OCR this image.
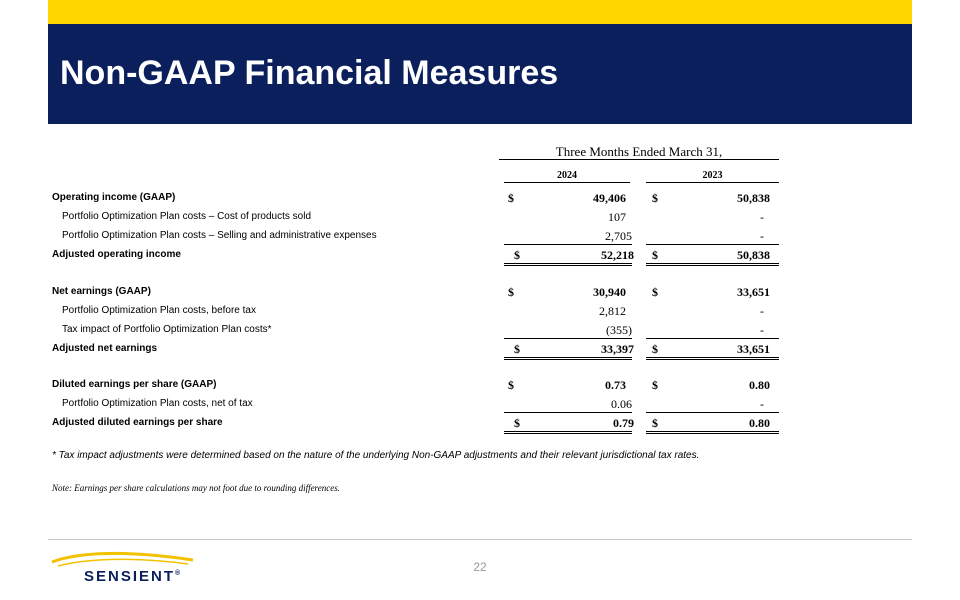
Non-GAAP Financial Measures
Three Months Ended March 31,
2024	2023
Operating income (GAAP)	$	49,406 $	50,838
Portfolio Optimization Plan costs – Cost of products sold	107	-
Portfolio Optimization Plan costs – Selling and administrative expenses	2,705	-
Adjusted operating income	$	52,218 $	50,838
Net earnings (GAAP)	$	30,940 $	33,651
Portfolio Optimization Plan costs, before tax	2,812	-
Tax impact of Portfolio Optimization Plan costs*	(355)	-
Adjusted net earnings	$	33,397 $	33,651
Diluted earnings per share (GAAP)	$	0.73 $	0.80
Portfolio Optimization Plan costs, net of tax	0.06	-
Adjusted diluted earnings per share	$	0.79 $	0.80
* Tax impact adjustments were determined based on the nature of the underlying Non-GAAP adjustments and their relevant jurisdictional tax rates.
Note: Earnings per share calculations may not foot due to rounding differences.
22
SENSIENT®
